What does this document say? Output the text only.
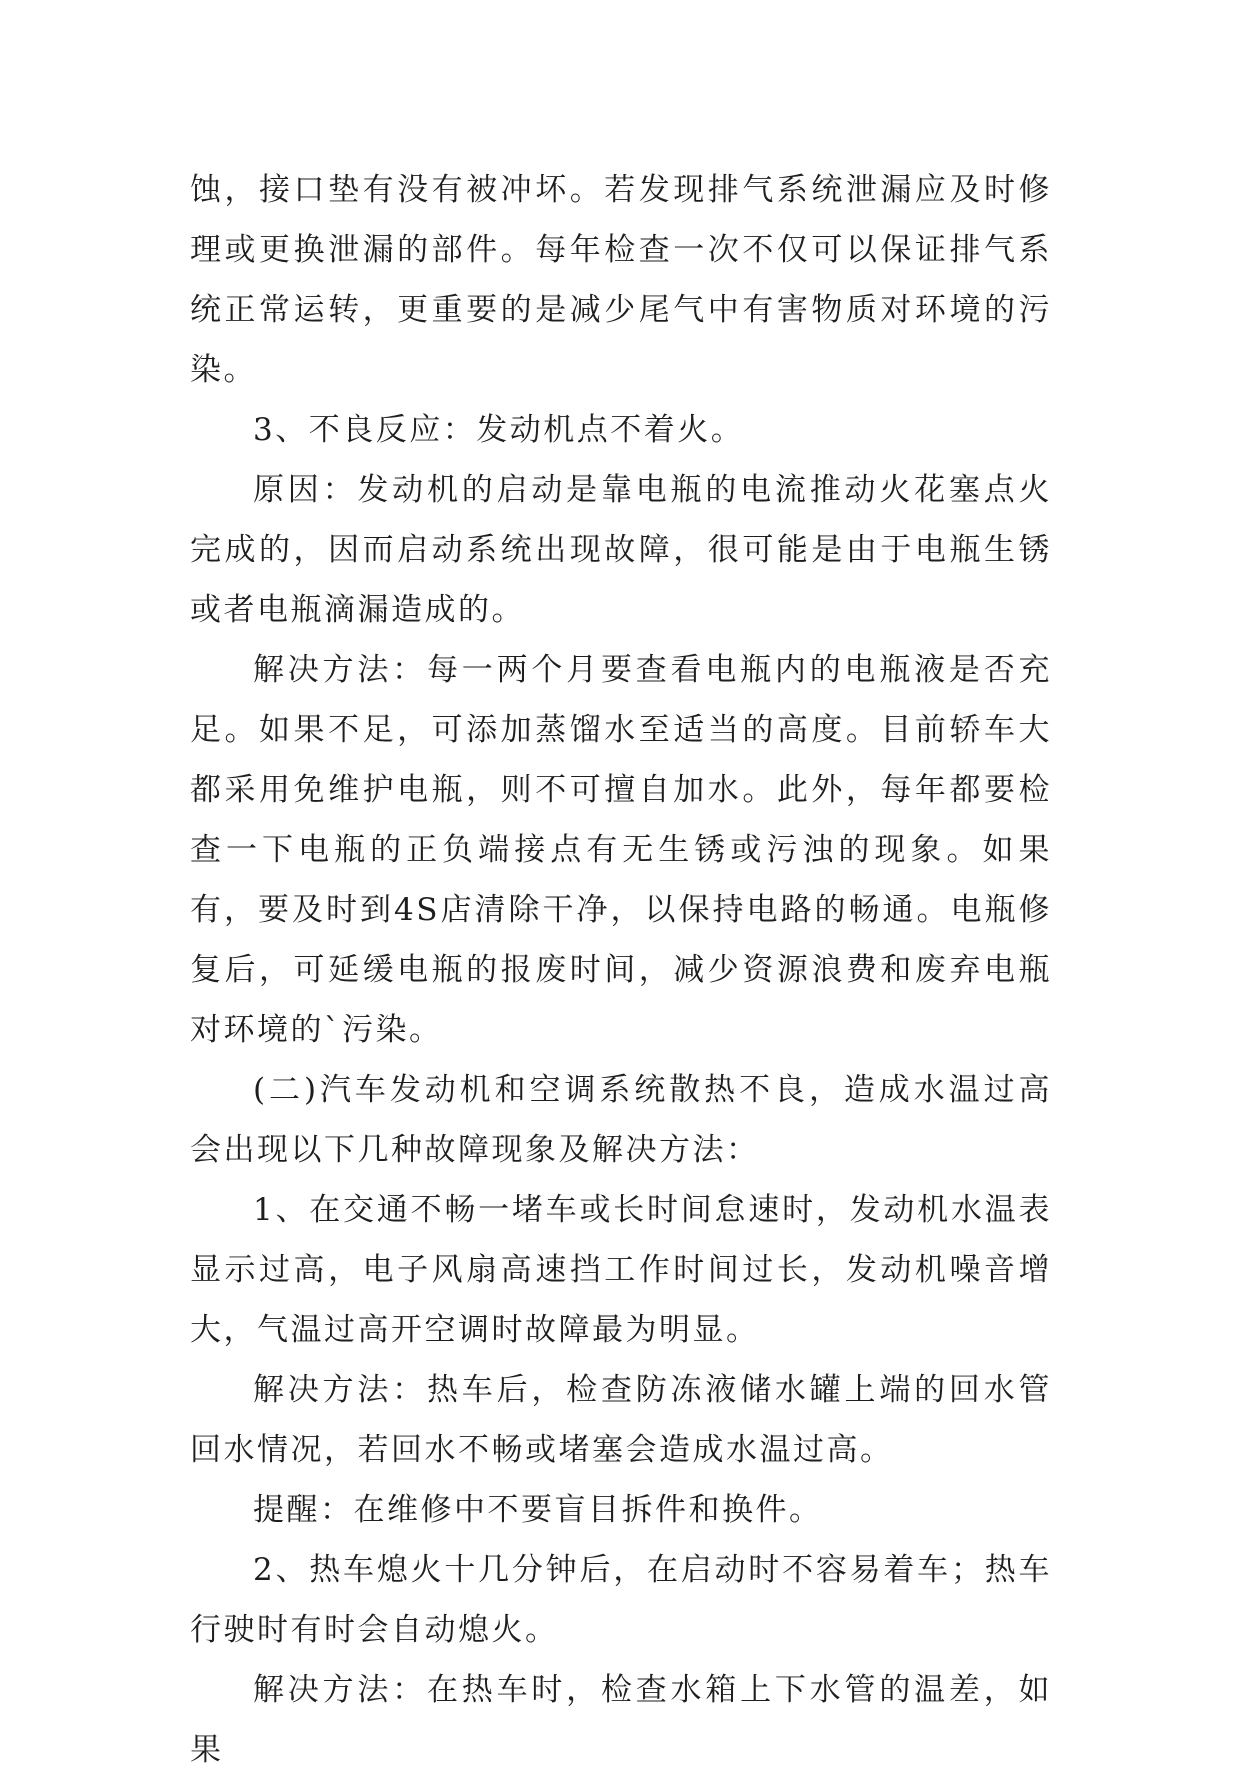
蚀，接口垫有没有被冲坏。若发现排气系统泄漏应及时修理或更换泄漏的部件。每年检查一次不仅可以保证排气系统正常运转，更重要的是减少尾气中有害物质对环境的污染。

3、不良反应：发动机点不着火。

原因：发动机的启动是靠电瓶的电流推动火花塞点火完成的，因而启动系统出现故障，很可能是由于电瓶生锈或者电瓶滴漏造成的。

解决方法：每一两个月要查看电瓶内的电瓶液是否充足。如果不足，可添加蒸馏水至适当的高度。目前轿车大都采用免维护电瓶，则不可擅自加水。此外，每年都要检查一下电瓶的正负端接点有无生锈或污浊的现象。如果有，要及时到4S店清除干净，以保持电路的畅通。电瓶修复后，可延缓电瓶的报废时间，减少资源浪费和废弃电瓶对环境的`污染。

(二)汽车发动机和空调系统散热不良，造成水温过高会出现以下几种故障现象及解决方法：

1、在交通不畅一堵车或长时间怠速时，发动机水温表显示过高，电子风扇高速挡工作时间过长，发动机噪音增大，气温过高开空调时故障最为明显。

解决方法：热车后，检查防冻液储水罐上端的回水管回水情况，若回水不畅或堵塞会造成水温过高。

提醒：在维修中不要盲目拆件和换件。

2、热车熄火十几分钟后，在启动时不容易着车；热车行驶时有时会自动熄火。

解决方法：在热车时，检查水箱上下水管的温差，如果
